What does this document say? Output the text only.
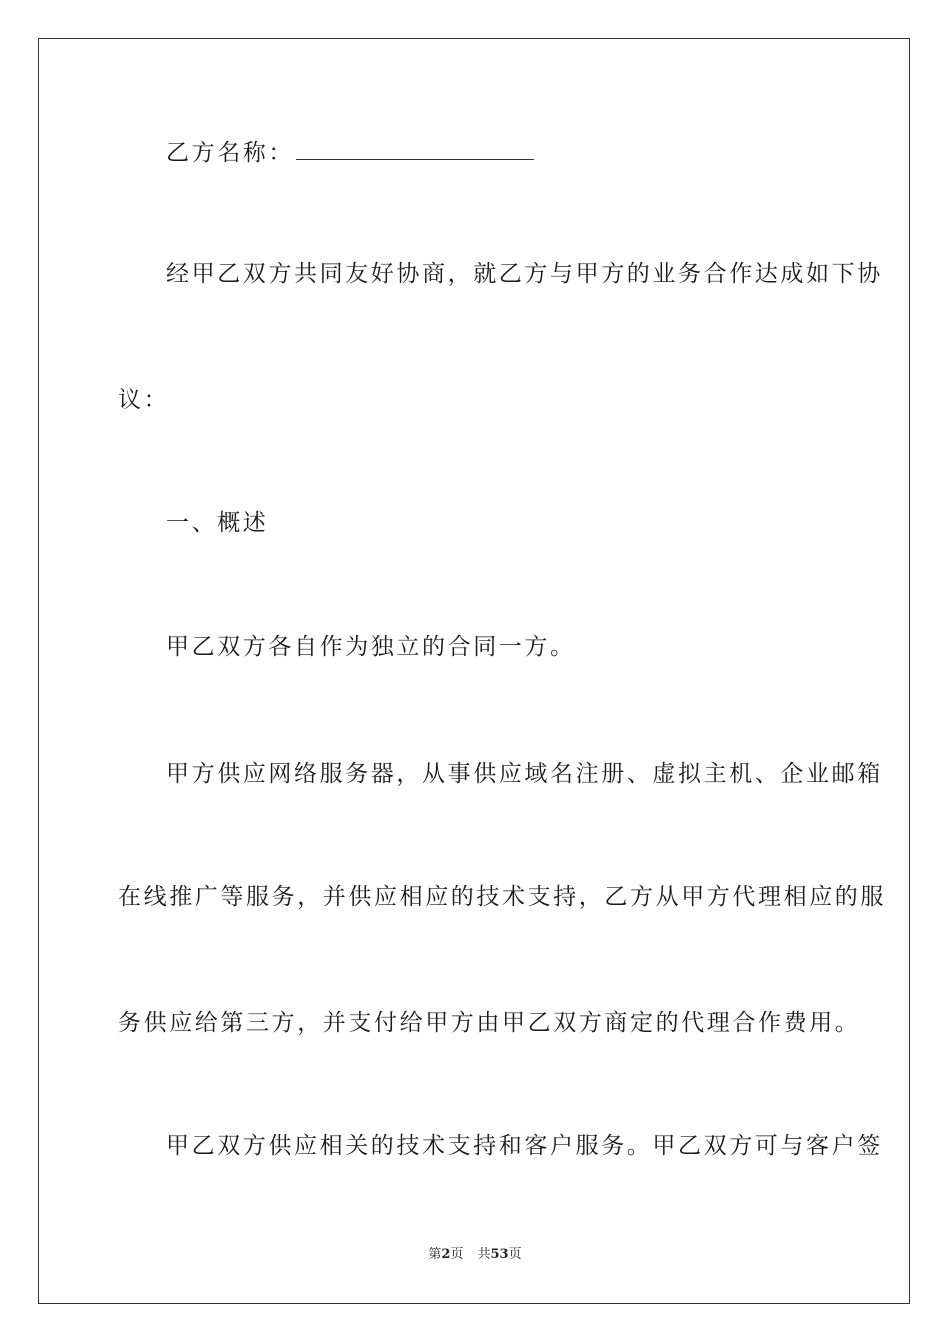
乙方名称：
经甲乙双方共同友好协商，就乙方与甲方的业务合作达成如下协
议：
一、概述
甲乙双方各自作为独立的合同一方。
甲方供应网络服务器，从事供应域名注册、虚拟主机、企业邮箱
在线推广等服务，并供应相应的技术支持，乙方从甲方代理相应的服
务供应给第三方，并支付给甲方由甲乙双方商定的代理合作费用。
甲乙双方供应相关的技术支持和客户服务。甲乙双方可与客户签
第2页 共53页
